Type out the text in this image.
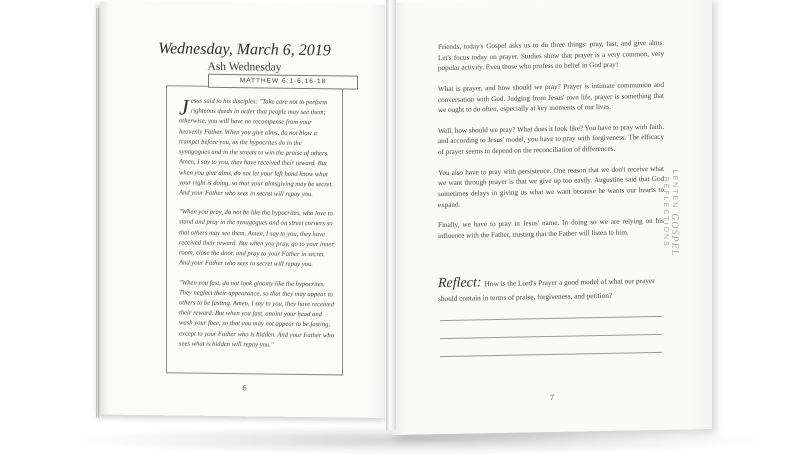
Wednesday, March 6, 2019
Ash Wednesday

Jesus said to his disciples: "Take care not to perform righteous deeds in order that people may see them; otherwise, you will have no recompense from your heavenly Father. When you give alms, do not blow a trumpet before you, as the hypocrites do in the synagogues and in the streets to win the praise of others. Amen, I say to you, they have received their reward. But when you give alms, do not let your left hand know what your right is doing, so that your almsgiving may be secret. And your Father who sees in secret will repay you.

"When you pray, do not be like the hypocrites, who love to stand and pray in the synagogues and on street corners so that others may see them. Amen, I say to you, they have received their reward. But when you pray, go to your inner room, close the door, and pray to your Father in secret. And your Father who sees in secret will repay you.

"When you fast, do not look gloomy like the hypocrites. They neglect their appearance, so that they may appear to others to be fasting. Amen, I say to you, they have received their reward. But when you fast, anoint your head and wash your face, so that you may not appear to be fasting, except to your Father who is hidden. And your Father who sees what is hidden will repay you."

MATTHEW 6:1-6,16-18
6

Friends, today's Gospel asks us to do three things: pray, fast, and give alms. Let's focus today on prayer. Studies show that prayer is a very common, very popular activity. Even those who profess no belief in God pray!

What is prayer, and how should we pray? Prayer is intimate communion and conversation with God. Judging from Jesus' own life, prayer is something that we ought to do often, especially at key moments of our lives.

Well, how should we pray? What does it look like? You have to pray with faith, and according to Jesus' model, you have to pray with forgiveness. The efficacy of prayer seems to depend on the reconciliation of differences.

You also have to pray with persistence. One reason that we don't receive what we want through prayer is that we give up too easily. Augustine said that God sometimes delays in giving us what we want because he wants our hearts to expand.

Finally, we have to pray in Jesus' name. In doing so we are relying on his influence with the Father, trusting that the Father will listen to him.

Reflect: How is the Lord's Prayer a good model of what our prayer should contain in terms of praise, forgiveness, and petition?
LENTEN GOSPEL REFLECTIONS
7
